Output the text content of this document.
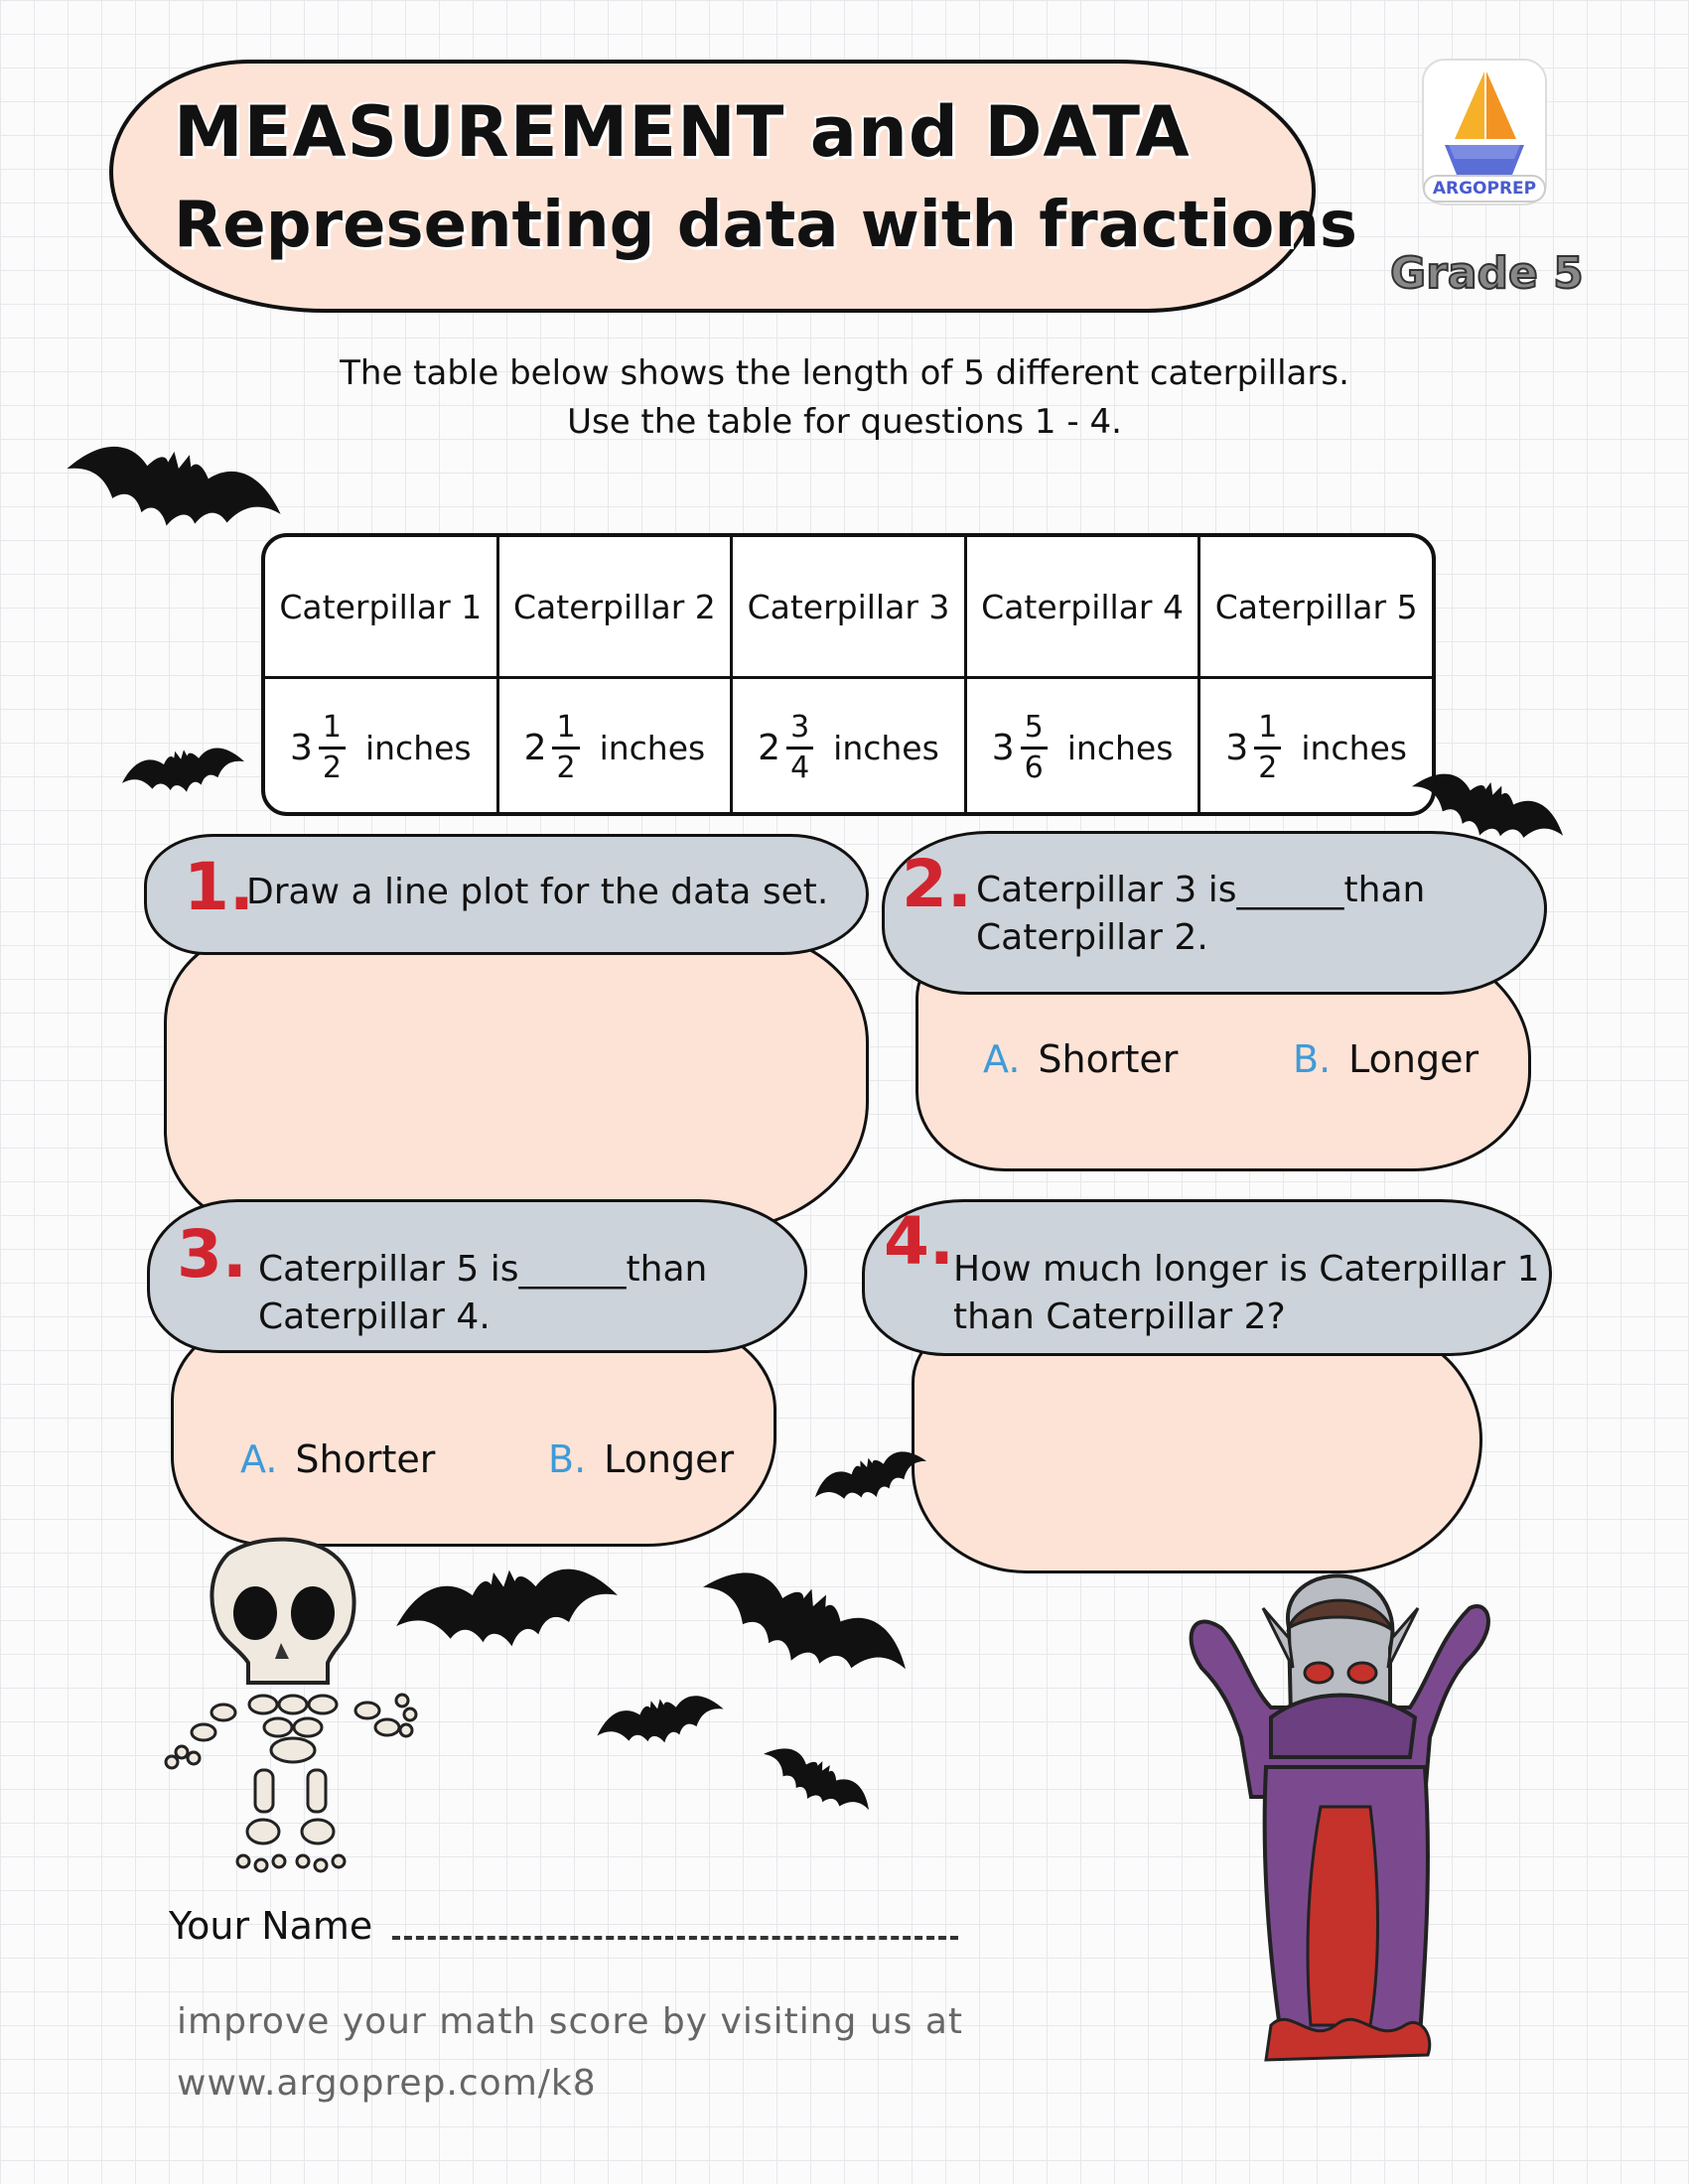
MEASUREMENT and DATA
Representing data with fractions	ARGOPREP
Grade 5
The table below shows the length of 5 different caterpillars.
Use the table for questions 1 - 4.
Caterpillar 1 Caterpillar 2 Caterpillar 3 Caterpillar 4 Caterpillar 5
$3 \frac{1}{2}$ inches $2 \frac{1}{2}$ inches $2 \frac{3}{4}$ inches $3 \frac{5}{6}$ inches $3 \frac{1}{2}$ inches
1.
Draw a line plot for the data set. 2. Caterpillar 3 is______than
Caterpillar 2.
A. Shorter	B. Longer
3. Caterpillar 5 is______than
Caterpillar 4.
A. Shorter	B. Longer
4. How much longer is Caterpillar 1
than Caterpillar 2?
Your Name
improve your math score by visiting us at
www.argoprep.com/k8
